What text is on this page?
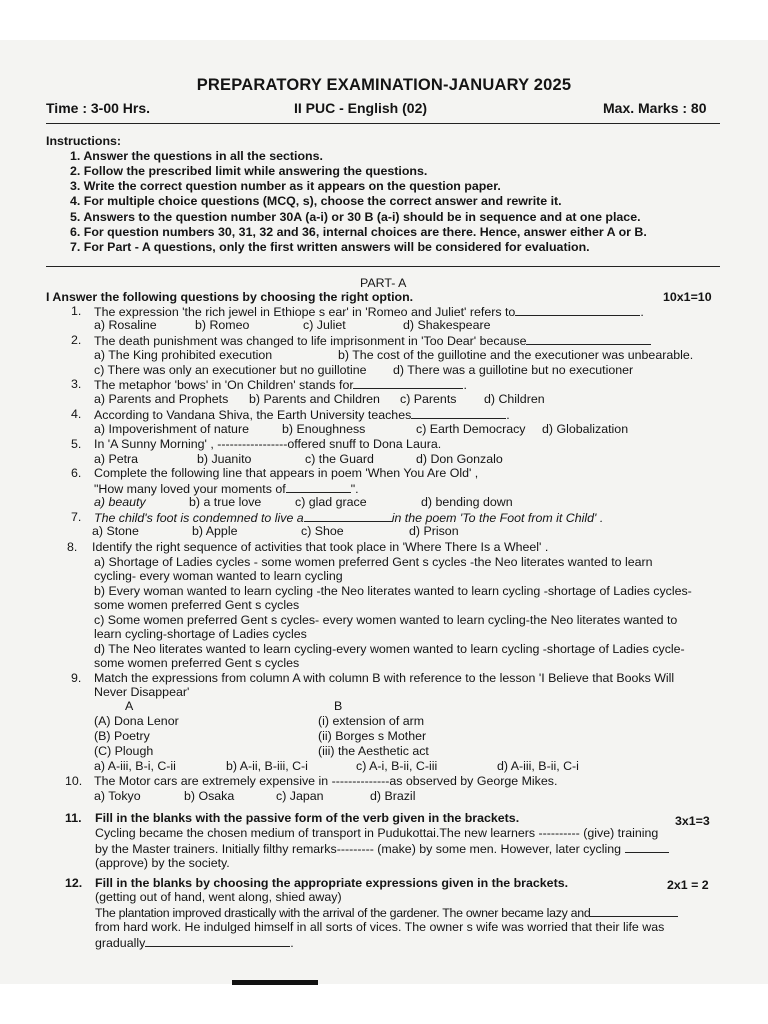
PREPARATORY EXAMINATION-JANUARY 2025
Time : 3-00 Hrs.	II PUC - English (02)	Max. Marks : 80
Instructions:
1. Answer the questions in all the sections.
2. Follow the prescribed limit while answering the questions.
3. Write the correct question number as it appears on the question paper.
4. For multiple choice questions (MCQ, s), choose the correct answer and rewrite it.
5. Answers to the question number 30A (a-i) or 30 B (a-i) should be in sequence and at one place.
6. For question numbers 30, 31, 32 and 36, internal choices are there. Hence, answer either A or B.
7. For Part - A questions, only the first written answers will be considered for evaluation.
PART- A
I Answer the following questions by choosing the right option.	10x1=10
1. The expression 'the rich jewel in Ethiope s ear' in 'Romeo and Juliet' refers to	.
a) Rosaline	b) Romeo	c) Juliet	d) Shakespeare
2. The death punishment was changed to life imprisonment in 'Too Dear' because
a) The King prohibited execution	b) The cost of the guillotine and the executioner was unbearable.
c) There was only an executioner but no guillotine d) There was a guillotine but no executioner
3. The metaphor 'bows' in 'On Children' stands for	.
a) Parents and Prophets b) Parents and Children c) Parents d) Children
4. According to Vandana Shiva, the Earth University teaches	.
a) Impoverishment of nature	b) Enoughness	c) Earth Democracy d) Globalization
5. In 'A Sunny Morning' , -----------------offered snuff to Dona Laura.
a) Petra	b) Juanito	c) the Guard	d) Don Gonzalo
6. Complete the following line that appears in poem 'When You Are Old' ,
"How many loved your moments of	".
a) beauty	b) a true love	c) glad grace	d) bending down
7. The child's foot is condemned to live a	in the poem 'To the Foot from it Child' .
a) Stone	b) Apple	c) Shoe	d) Prison
8. Identify the right sequence of activities that took place in 'Where There Is a Wheel' .
a) Shortage of Ladies cycles - some women preferred Gent s cycles -the Neo literates wanted to learn
cycling- every woman wanted to learn cycling
b) Every woman wanted to learn cycling -the Neo literates wanted to learn cycling -shortage of Ladies cycles-
some women preferred Gent s cycles
c) Some women preferred Gent s cycles- every women wanted to learn cycling-the Neo literates wanted to
learn cycling-shortage of Ladies cycles
d) The Neo literates wanted to learn cycling-every women wanted to learn cycling -shortage of Ladies cycle-
some women preferred Gent s cycles
9. Match the expressions from column A with column B with reference to the lesson 'I Believe that Books Will
Never Disappear'
A	B
(A) Dona Lenor	(i) extension of arm
(B) Poetry	(ii) Borges s Mother
(C) Plough	(iii) the Aesthetic act
a) A-iii, B-i, C-ii	b) A-ii, B-iii, C-i	c) A-i, B-ii, C-iii	d) A-iii, B-ii, C-i
10. The Motor cars are extremely expensive in --------------as observed by George Mikes.
a) Tokyo	b) Osaka	c) Japan	d) Brazil
11. Fill in the blanks with the passive form of the verb given in the brackets.	3x1=3
Cycling became the chosen medium of transport in Pudukottai.The new learners ---------- (give) training
by the Master trainers. Initially filthy remarks--------- (make) by some men. However, later cycling
(approve) by the society.
12. Fill in the blanks by choosing the appropriate expressions given in the brackets.	2x1 = 2
(getting out of hand, went along, shied away)
The plantation improved drastically with the arrival of the gardener. The owner became lazy and
from hard work. He indulged himself in all sorts of vices. The owner s wife was worried that their life was
gradually	.
